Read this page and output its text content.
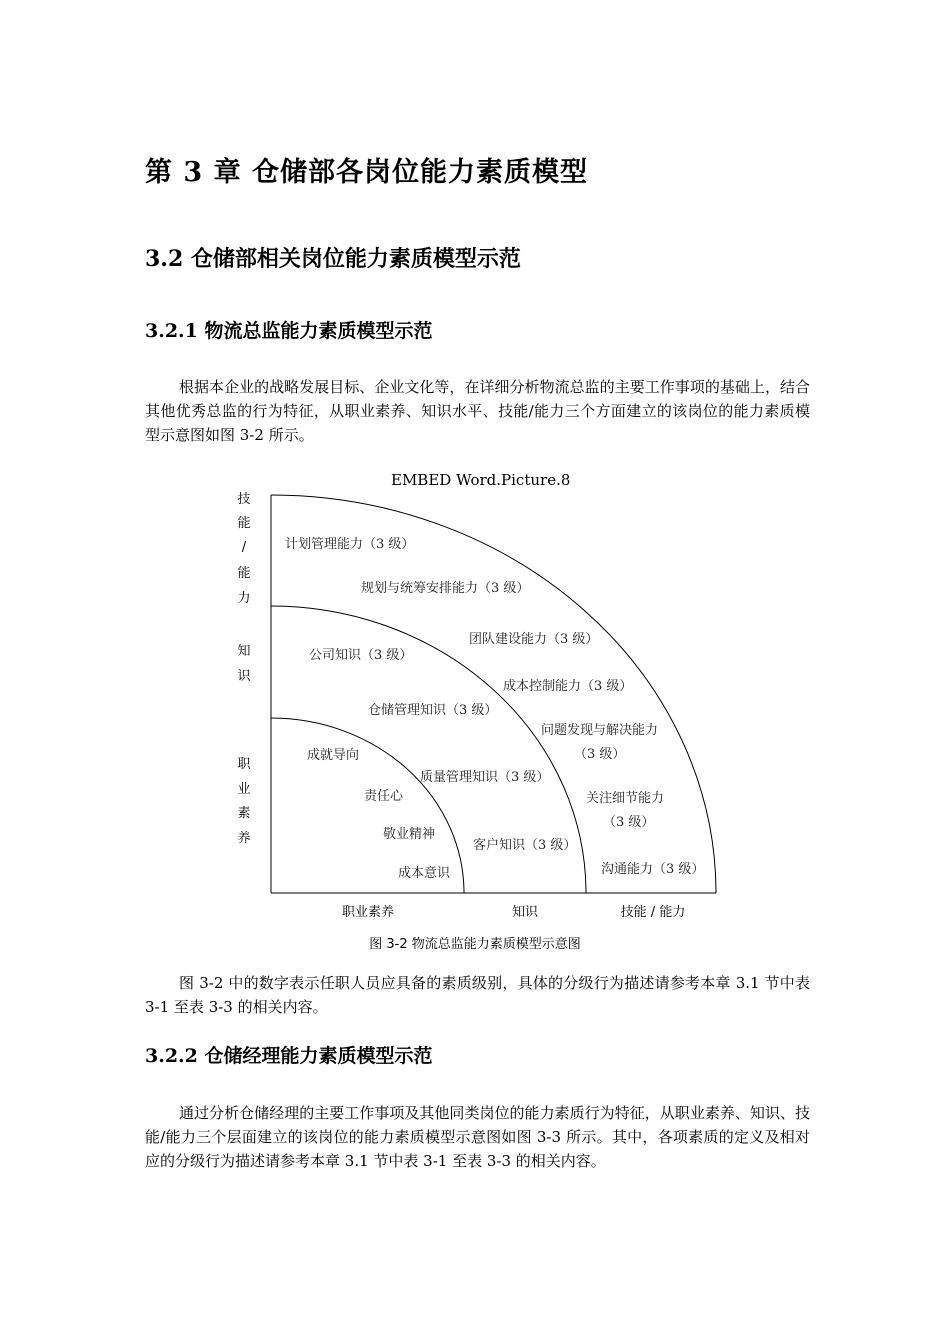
第 3 章 仓储部各岗位能力素质模型
3.2 仓储部相关岗位能力素质模型示范
3.2.1 物流总监能力素质模型示范
根据本企业的战略发展目标、企业文化等，在详细分析物流总监的主要工作事项的基础上，结合其他优秀总监的行为特征，从职业素养、知识水平、技能/能力三个方面建立的该岗位的能力素质模型示意图如图 3-2 所示。
EMBED Word.Picture.8
技
能
/
能
力
知
识
职
业
素
养
职业素养	知识	技能 / 能力
计划管理能力（3 级）
规划与统筹安排能力（3 级）
团队建设能力（3 级）
成本控制能力（3 级）
问题发现与解决能力
（3 级）
关注细节能力
（3 级）
沟通能力（3 级）
公司知识（3 级）
仓储管理知识（3 级）
质量管理知识（3 级）
客户知识（3 级）
成就导向
责任心
敬业精神
成本意识
图 3-2 物流总监能力素质模型示意图
图 3-2 中的数字表示任职人员应具备的素质级别，具体的分级行为描述请参考本章 3.1 节中表 3-1 至表 3-3 的相关内容。
3.2.2 仓储经理能力素质模型示范
通过分析仓储经理的主要工作事项及其他同类岗位的能力素质行为特征，从职业素养、知识、技能/能力三个层面建立的该岗位的能力素质模型示意图如图 3-3 所示。其中，各项素质的定义及相对应的分级行为描述请参考本章 3.1 节中表 3-1 至表 3-3 的相关内容。
